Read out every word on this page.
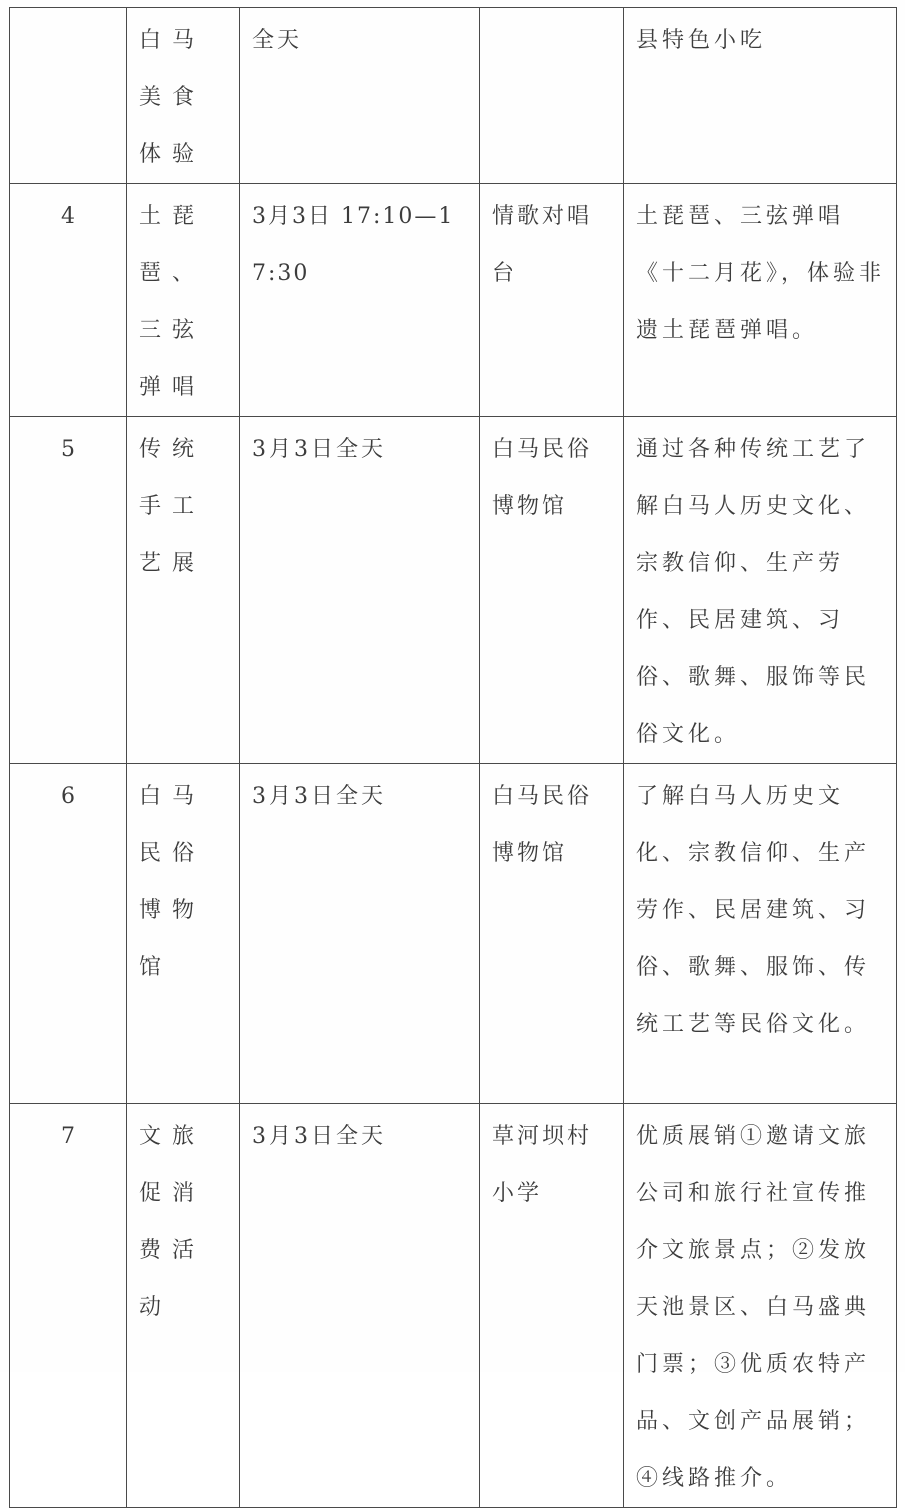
	白马美食体验	全天		县特色小吃

4	土琵琶、三弦弹唱	3月3日 17:10—17:30	情歌对唱台	土琵琶、三弦弹唱《十二月花》，体验非遗土琵琶弹唱。

5	传统手工艺展	3月3日全天	白马民俗博物馆	通过各种传统工艺了解白马人历史文化、宗教信仰、生产劳作、民居建筑、习俗、歌舞、服饰等民俗文化。

6	白马民俗博物馆	3月3日全天	白马民俗博物馆	了解白马人历史文化、宗教信仰、生产劳作、民居建筑、习俗、歌舞、服饰、传统工艺等民俗文化。

7	文旅促消费活动	3月3日全天	草河坝村小学	优质展销①邀请文旅公司和旅行社宣传推介文旅景点；②发放天池景区、白马盛典门票；③优质农特产品、文创产品展销；④线路推介。
